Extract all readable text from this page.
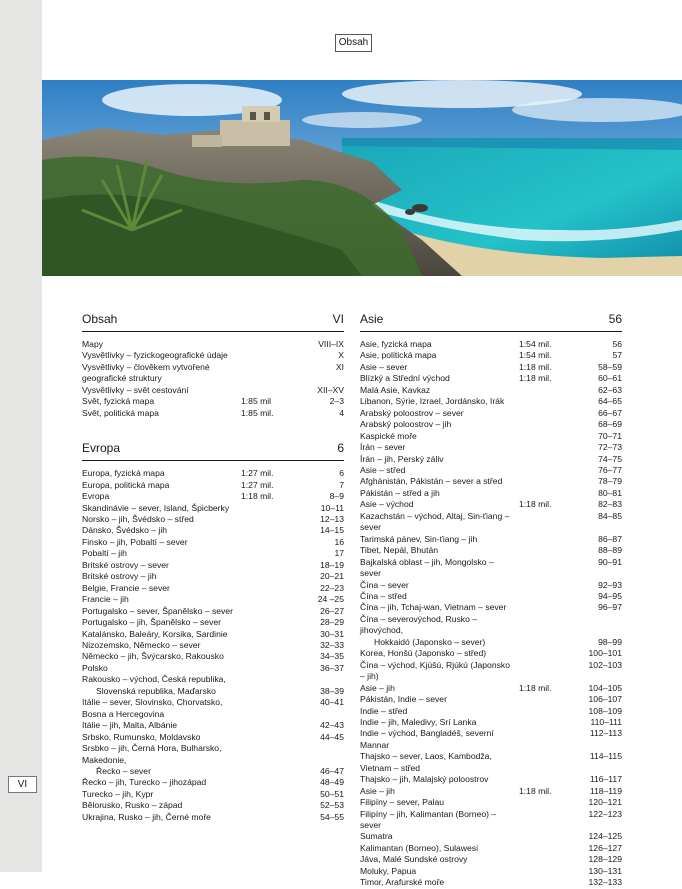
Obsah
Obsah	VI
Mapy	VIII–IX
Vysvětlivky – fyzickogeografické údaje	X
Vysvětlivky – člověkem vytvořené geografické struktury
XI
Vysvětlivky – svět cestování	XII–XV
Svět, fyzická mapa	1:85 mil	2–3
Svět, politická mapa	1:85 mil.	4
Evropa	6
Europa, fyzická mapa	1:27 mil.	6
Europa, politická mapa	1:27 mil.	7
Evropa	1:18 mil.	8–9
Skandinávie – sever, Island, Špicberky	10–11
Norsko – jih, Švédsko – střed	12–13
Dánsko, Švédsko – jih	14–15
Finsko – jih, Pobaltí – sever	16
Pobaltí – jih	17
Britské ostrovy – sever	18–19
Britské ostrovy – jih	20–21
Belgie, Francie – sever	22–23
Francie – jih	24 –25
Portugalsko – sever, Španělsko – sever	26–27
Portugalsko – jih, Španělsko – sever	28–29
Katalánsko, Baleáry, Korsika, Sardinie	30–31
Nizozemsko, Německo – sever	32–33
Německo – jih, Švýcarsko, Rakousko	34–35
Polsko	36–37
Rakousko – východ, Česká republika,
Slovenská republika, Maďarsko	38–39
Itálie – sever, Slovinsko, Chorvatsko, Bosna a Hercegovina
40–41
Itálie – jih, Malta, Albánie	42–43
Srbsko, Rumunsko, Moldavsko	44–45
Srsbko – jih, Černá Hora, Bulharsko, Makedonie,
Řecko – sever	46–47
Řecko – jih, Turecko – jihozápad	48–49
Turecko – jih, Kypr	50–51
Bělorusko, Rusko – západ	52–53
Ukrajina, Rusko – jih, Černé moře	54–55
Asie	56
Asie, fyzická mapa	1:54 mil.	56
Asie, politická mapa	1:54 mil.	57
Asie – sever	1:18 mil.	58–59
Blízký a Střední východ	1:18 mil.	60–61
Malá Asie, Kavkaz	62–63
Libanon, Sýrie, Izrael, Jordánsko, Irák	64–65
Arabský poloostrov – sever	66–67
Arabský poloostrov – jih	68–69
Kaspické moře	70–71
Írán – sever	72–73
Írán – jih, Perský záliv	74–75
Asie – střed	76–77
Afghánistán, Pákistán – sever a střed	78–79
Pákistán – střed a jih	80–81
Asie – východ	1:18 mil.	82–83
Kazachstán – východ, Altaj, Sin-ťiang – sever
84–85
Tarimská pánev, Sin-ťiang – jih	86–87
Tibet, Nepál, Bhután	88–89
Bajkalská oblast – jih, Mongolsko – sever
90–91
Čína – sever	92–93
Čína – střed	94–95
Čína – jih, Tchaj-wan, Vietnam – sever	96–97
Čína – severovýchod, Rusko – jihovýchod,
Hokkaidó (Japonsko – sever)	98–99
Korea, Honšú (Japonsko – střed)	100–101
Čína – východ, Kjúšú, Rjúkú (Japonsko – jih)
102–103
Asie – jih	1:18 mil.	104–105
Pákistán, Indie – sever	106–107
Indie – střed	108–109
Indie – jih, Maledivy, Srí Lanka	110–111
Indie – východ, Bangladéš, severní Mannar
112–113
Thajsko – sever, Laos, Kambodža, Vietnam – střed
114–115
Thajsko – jih, Malajský poloostrov	116–117
Asie – jih	1:18 mil.	118–119
Filipíny – sever, Palau	120–121
Filipíny – jih, Kalimantan (Borneo) – sever
122–123
Sumatra	124–125
Kalimantan (Borneo), Sulawesi	126–127
Jáva, Malé Sundské ostrovy	128–129
Moluky, Papua	130–131
Timor, Arafurské moře	132–133
VI
